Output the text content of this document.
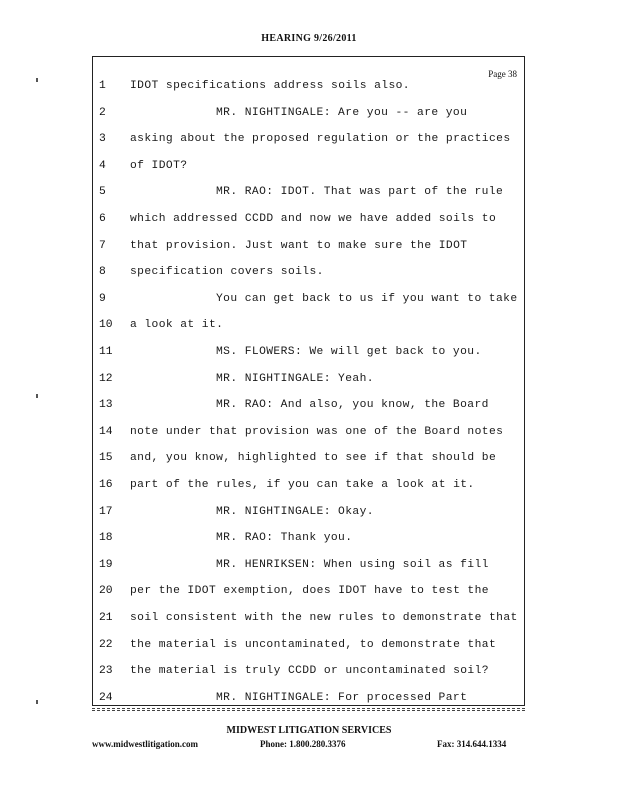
HEARING 9/26/2011
Page 38
1	IDOT specifications address soils also.
2	MR. NIGHTINGALE: Are you -- are you
3	asking about the proposed regulation or the practices
4	of IDOT?
5	MR. RAO: IDOT. That was part of the rule
6	which addressed CCDD and now we have added soils to
7	that provision. Just want to make sure the IDOT
8	specification covers soils.
9	You can get back to us if you want to take
10	a look at it.
11	MS. FLOWERS: We will get back to you.
12	MR. NIGHTINGALE: Yeah.
13	MR. RAO: And also, you know, the Board
14	note under that provision was one of the Board notes
15	and, you know, highlighted to see if that should be
16	part of the rules, if you can take a look at it.
17	MR. NIGHTINGALE: Okay.
18	MR. RAO: Thank you.
19	MR. HENRIKSEN: When using soil as fill
20	per the IDOT exemption, does IDOT have to test the
21	soil consistent with the new rules to demonstrate that
22	the material is uncontaminated, to demonstrate that
23	the material is truly CCDD or uncontaminated soil?
24	MR. NIGHTINGALE: For processed Part
MIDWEST LITIGATION SERVICES
www.midwestlitigation.com	Phone: 1.800.280.3376	Fax: 314.644.1334
